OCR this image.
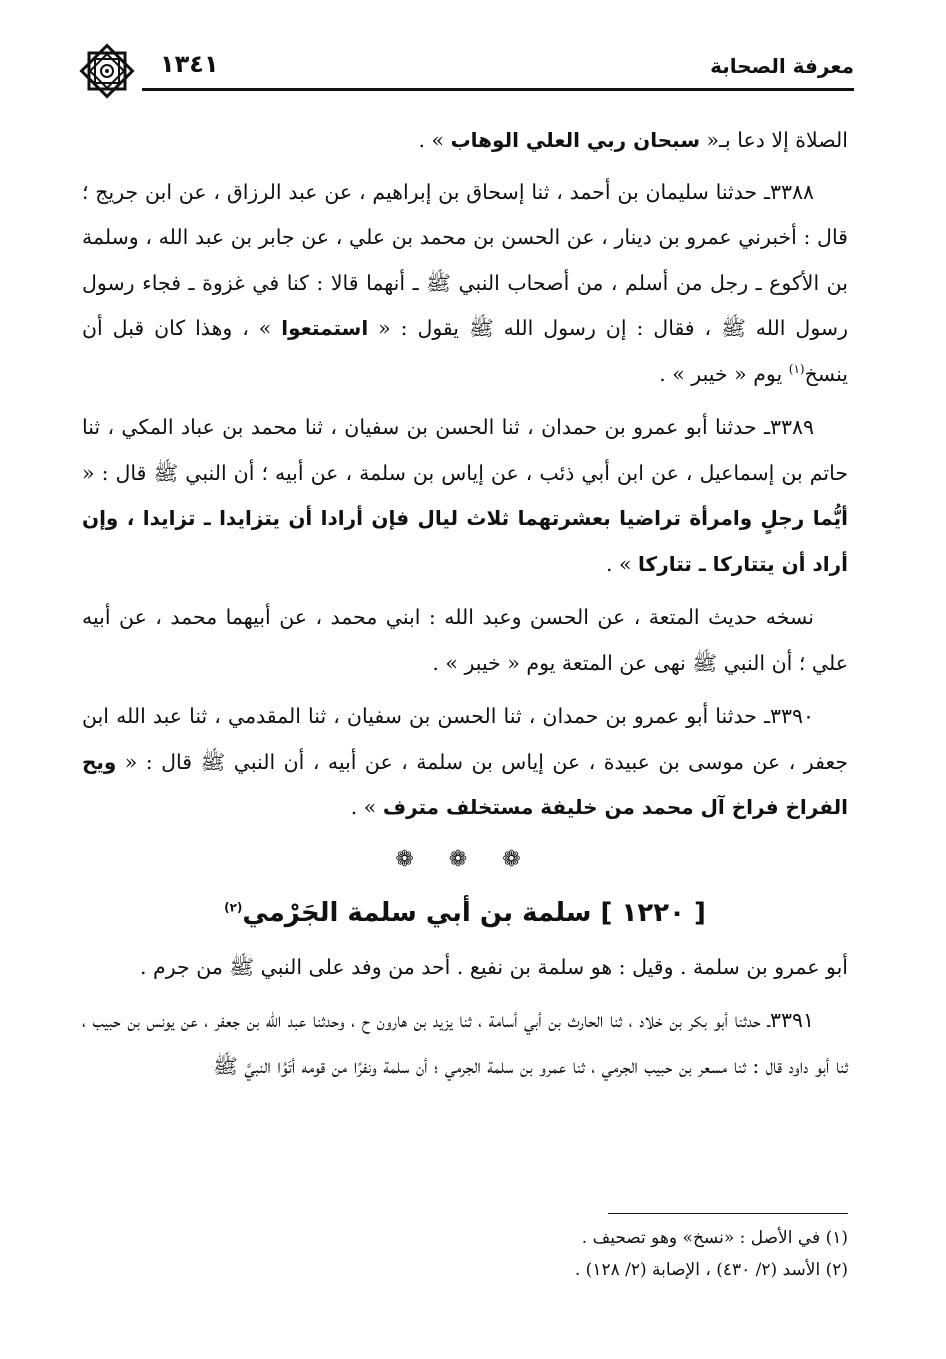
معرفة الصحابة
١٣٤١

الصلاة إلا دعا بـ« سبحان ربي العلي الوهاب » .

٣٣٨٨ـ حدثنا سليمان بن أحمد ، ثنا إسحاق بن إبراهيم ، عن عبد الرزاق ، عن ابن جريج ؛ قال : أخبرني عمرو بن دينار ، عن الحسن بن محمد بن علي ، عن جابر بن عبد الله ، وسلمة بن الأكوع ـ رجل من أسلم ، من أصحاب النبي ﷺ ـ أنهما قالا : كنا في غزوة ـ فجاء رسول رسول الله ﷺ ، فقال : إن رسول الله ﷺ يقول : « استمتعوا » ، وهذا كان قبل أن ينسخ$^{(١)}$ يوم « خيبر » .

٣٣٨٩ـ حدثنا أبو عمرو بن حمدان ، ثنا الحسن بن سفيان ، ثنا محمد بن عباد المكي ، ثنا حاتم بن إسماعيل ، عن ابن أبي ذئب ، عن إياس بن سلمة ، عن أبيه ؛ أن النبي ﷺ قال : « أيُّما رجلٍ وامرأة تراضيا بعشرتهما ثلاث ليال فإن أرادا أن يتزايدا ـ تزايدا ، وإن أراد أن يتتاركا ـ تتاركا » .

نسخه حديث المتعة ، عن الحسن وعبد الله : ابني محمد ، عن أبيهما محمد ، عن أبيه علي ؛ أن النبي ﷺ نهى عن المتعة يوم « خيبر » .

٣٣٩٠ـ حدثنا أبو عمرو بن حمدان ، ثنا الحسن بن سفيان ، ثنا المقدمي ، ثنا عبد الله ابن جعفر ، عن موسى بن عبيدة ، عن إياس بن سلمة ، عن أبيه ، أن النبي ﷺ قال : « ويح الفراخ فراخ آل محمد من خليفة مستخلف مترف » .

❁ ❁ ❁
[ ١٢٢٠ ] سلمة بن أبي سلمة الجَرْمي$^{(٢)}$

أبو عمرو بن سلمة . وقيل : هو سلمة بن نفيع . أحد من وفد على النبي ﷺ من جرم .

٣٣٩١ـ حدثنا أبو بكر بن خلاد ، ثنا الحارث بن أبي أسامة ، ثنا يزيد بن هارون ح ، وحدثنا عبد الله بن جعفر ، عن يونس بن حبيب ، ثنا أبو داود قال : ثنا مسعر بن حبيب الجرمي ، ثنا عمرو بن سلمة الجرمي ؛ أن سلمة ونفرًا من قومه أتَوُا النبيَّ ﷺ

(١) في الأصل : «نسخ» وهو تصحيف .
(٢) الأسد (٢/ ٤٣٠) ، الإصابة (٢/ ١٢٨) .
